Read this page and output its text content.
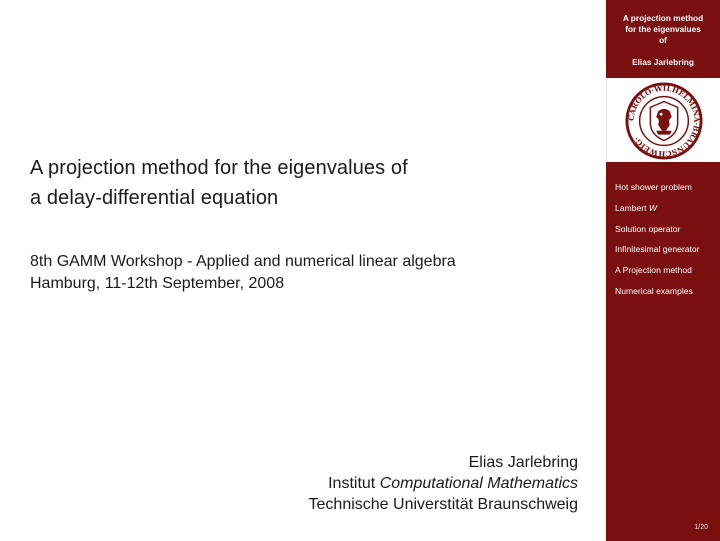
A projection method for the eigenvalues of
a delay-differential equation
8th GAMM Workshop - Applied and numerical linear algebra
Hamburg, 11-12th September, 2008
Elias Jarlebring
Institut Computational Mathematics
Technische Universtität Braunschweig
A projection method
for the eigenvalues
of
Elias Jarlebring
1/20
CAROLO·WILHELMINA·BRAUNSCHWEIG·
Hot shower problem
Lambert W
Solution operator
Infinitesimal generator
A Projection method
Numerical examples
